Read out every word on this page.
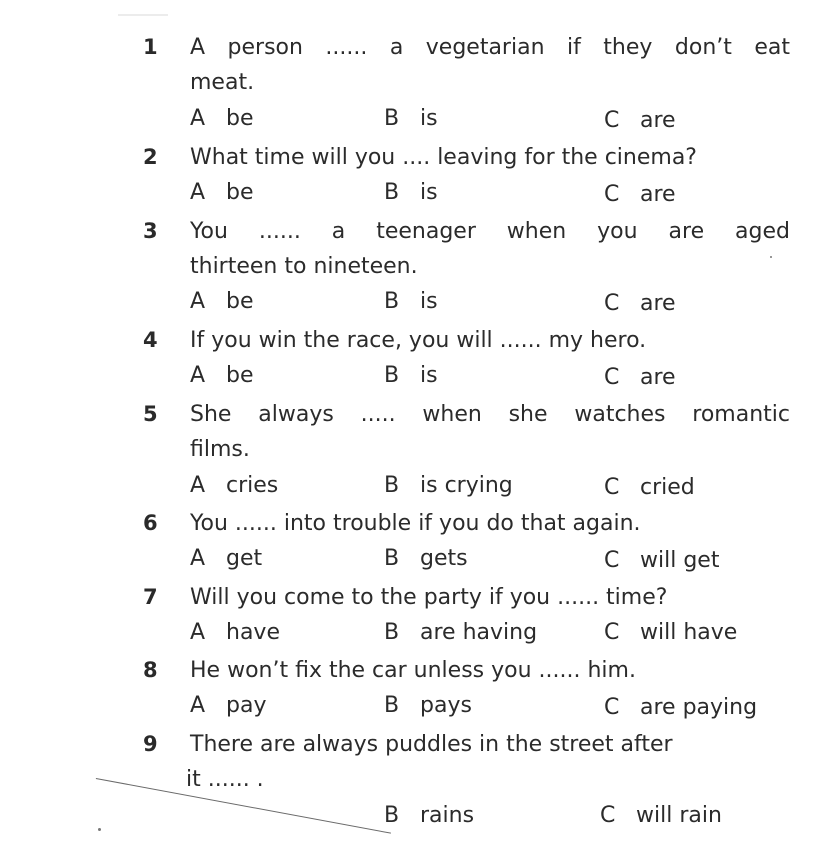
1 A person ...... a vegetarian if they don’t eat
meat.
A be	B is	C are
2 What time will you .... leaving for the cinema?
A be	B is	C are
3 You ...... a teenager when you are aged
thirteen to nineteen.
A be	B is	C are
4 If you win the race, you will ...... my hero.
A be	B is	C are
5 She always ..... when she watches romantic
films.
A cries	B is crying	C cried
6 You ...... into trouble if you do that again.
A get	B gets	C will get
7 Will you come to the party if you ...... time?
A have	B are having	C will have
8 He won’t fix the car unless you ...... him.
A pay	B pays	C are paying
9 There are always puddles in the street after
it ...... .
B rains	C will rain
